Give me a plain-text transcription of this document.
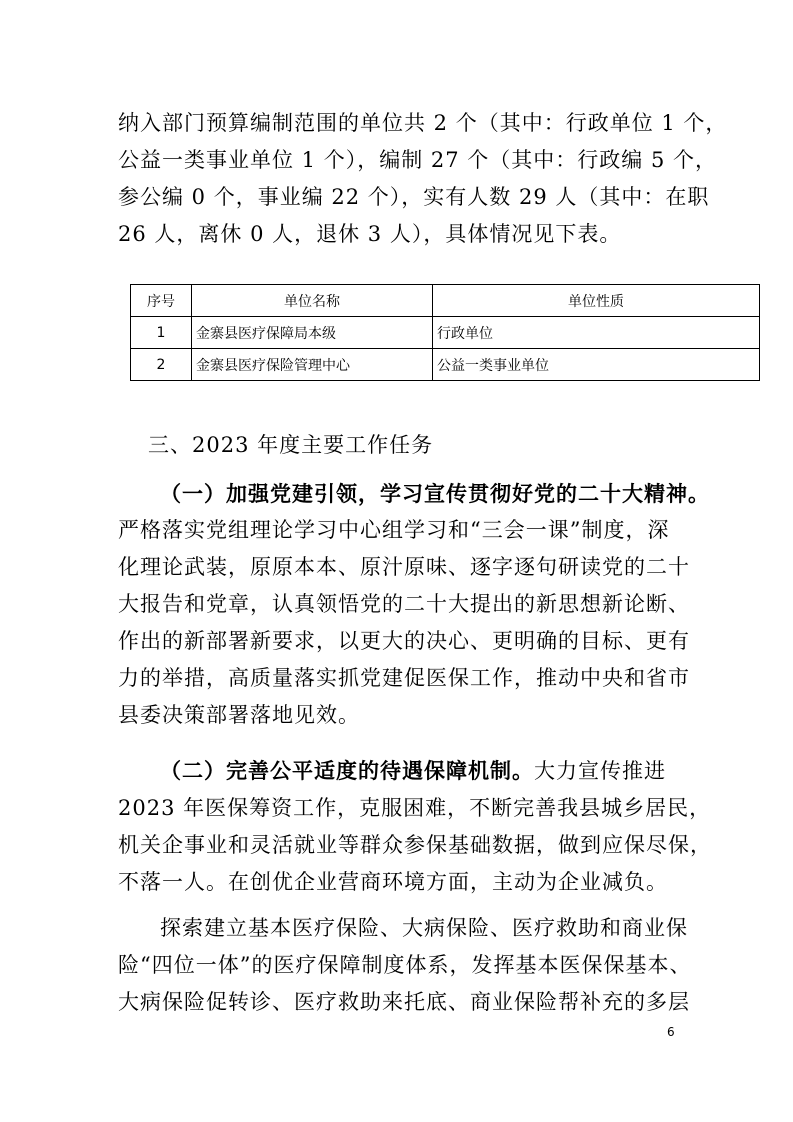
纳入部门预算编制范围的单位共 2 个（其中：行政单位 1 个，
公益一类事业单位 1 个），编制 27 个（其中：行政编 5 个，
参公编 0 个，事业编 22 个），实有人数 29 人（其中：在职
26 人，离休 0 人，退休 3 人），具体情况见下表。
序号	单位名称	单位性质
1	金寨县医疗保障局本级	行政单位
2	金寨县医疗保险管理中心	公益一类事业单位
三、2023 年度主要工作任务
（一）加强党建引领，学习宣传贯彻好党的二十大精神。
严格落实党组理论学习中心组学习和“三会一课”制度，深
化理论武装，原原本本、原汁原味、逐字逐句研读党的二十
大报告和党章，认真领悟党的二十大提出的新思想新论断、
作出的新部署新要求，以更大的决心、更明确的目标、更有
力的举措，高质量落实抓党建促医保工作，推动中央和省市
县委决策部署落地见效。
（二）完善公平适度的待遇保障机制。大力宣传推进
2023 年医保筹资工作，克服困难，不断完善我县城乡居民，
机关企事业和灵活就业等群众参保基础数据，做到应保尽保，
不落一人。在创优企业营商环境方面，主动为企业减负。
探索建立基本医疗保险、大病保险、医疗救助和商业保
险“四位一体”的医疗保障制度体系，发挥基本医保保基本、
大病保险促转诊、医疗救助来托底、商业保险帮补充的多层
6
